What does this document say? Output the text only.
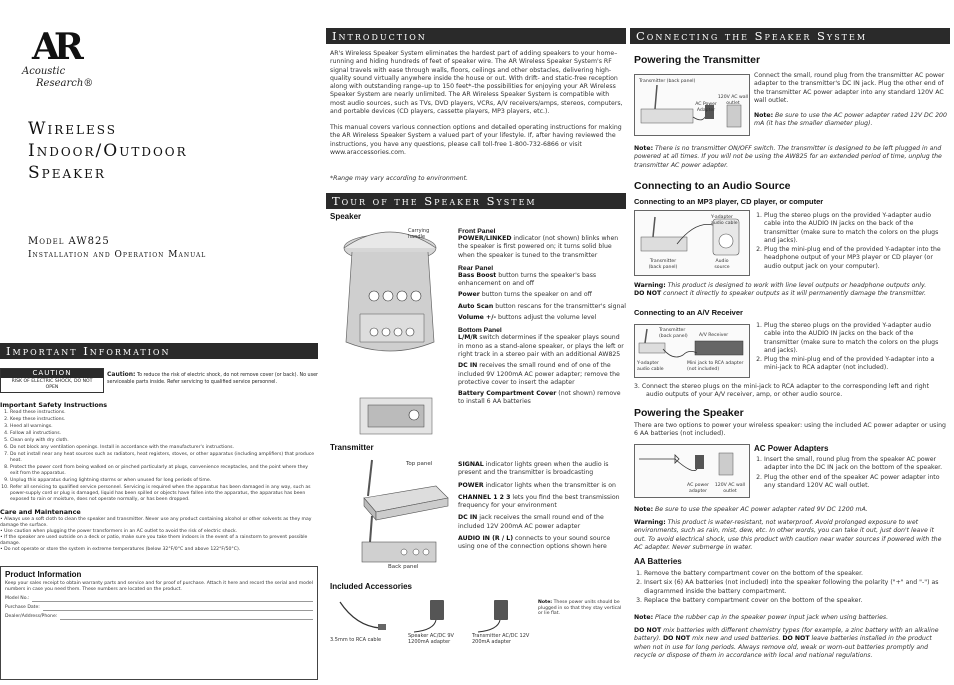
AR
Acoustic
Research®
Wireless
Indoor/Outdoor
Speaker
Model AW825
Installation and Operation Manual
Important Information
CAUTION
RISK OF ELECTRIC SHOCK, DO NOT OPEN
Caution: To reduce the risk of electric shock, do not remove cover (or back). No user serviceable parts inside. Refer servicing to qualified service personnel.
Important Safety Instructions
1. Read these instructions.
2. Keep these instructions.
3. Heed all warnings.
4. Follow all instructions.
5. Clean only with dry cloth.
6. Do not block any ventilation openings. Install in accordance with the manufacturer's instructions.
7. Do not install near any heat sources such as radiators, heat registers, stoves, or other apparatus (including amplifiers) that produce heat.
8. Protect the power cord from being walked on or pinched particularly at plugs, convenience receptacles, and the point where they exit from the apparatus.
9. Unplug this apparatus during lightning storms or when unused for long periods of time.
10. Refer all servicing to qualified service personnel. Servicing is required when the apparatus has been damaged in any way, such as power-supply cord or plug is damaged, liquid has been spilled or objects have fallen into the apparatus, the apparatus has been exposed to rain or moisture, does not operate normally, or has been dropped.
Care and Maintenance
• Always use a soft cloth to clean the speaker and transmitter. Never use any product containing alcohol or other solvents as they may damage the surface.
• Use caution when plugging the power transformers in an AC outlet to avoid the risk of electric shock.
• If the speaker are used outside on a deck or patio, make sure you take them indoors in the event of a rainstorm to prevent possible damage.
• Do not operate or store the system in extreme temperatures (below 32°F/0°C and above 122°F/50°C).
Product Information
Keep your sales receipt to obtain warranty parts and service and for proof of purchase. Attach it here and record the serial and model numbers in case you need them. These numbers are located on the product.
Model No.:
Purchase Date:
Dealer/Address/Phone:
Introduction
AR's Wireless Speaker System eliminates the hardest part of adding speakers to your home–running and hiding hundreds of feet of speaker wire. The AR Wireless Speaker System's RF signal travels with ease through walls, floors, ceilings and other obstacles, delivering high-quality sound virtually anywhere inside the house or out. With drift- and static-free reception along with outstanding range–up to 150 feet*–the possibilities for enjoying your AR Wireless Speaker System are nearly unlimited. The AR Wireless Speaker System is compatible with most audio sources, such as TVs, DVD players, VCRs, A/V receivers/amps, stereos, computers, and portable devices (CD players, cassette players, MP3 players, etc.).
This manual covers various connection options and detailed operating instructions for making the AR Wireless Speaker System a valued part of your lifestyle. If, after having reviewed the instructions, you have any questions, please call toll-free 1-800-732-6866 or visit www.araccessories.com.
*Range may vary according to environment.
Tour of the Speaker System
Speaker
Carrying handle
Front Panel
POWER/LINKED indicator (not shown) blinks when the speaker is first powered on; it turns solid blue when the speaker is tuned to the transmitter
Rear Panel
Bass Boost button turns the speaker's bass enhancement on and off
Power button turns the speaker on and off
Auto Scan button rescans for the transmitter's signal
Volume +/- buttons adjust the volume level
Bottom Panel
L/M/R switch determines if the speaker plays sound in mono as a stand-alone speaker, or plays the left or right track in a stereo pair with an additional AW825
DC IN receives the small round end of one of the included 9V 1200mA AC power adapter; remove the protective cover to insert the adapter
Battery Compartment Cover (not shown) remove to install 6 AA batteries
Transmitter
Top panel
Back panel
SIGNAL indicator lights green when the audio is present and the transmitter is broadcasting
POWER indicator lights when the transmitter is on
CHANNEL 1 2 3 lets you find the best transmission frequency for your environment
DC IN jack receives the small round end of the included 12V 200mA AC power adapter
AUDIO IN (R / L) connects to your sound source using one of the connection options shown here
Included Accessories
3.5mm to RCA cable
Speaker AC/DC 9V 1200mA adapter
Transmitter AC/DC 12V 200mA adapter
Note: These power units should be plugged in so that they stay vertical or lie flat.
Connecting the Speaker System
Powering the Transmitter
Transmitter (back panel)
AC Power Adapter
120V AC wall outlet
Connect the small, round plug from the transmitter AC power adapter to the transmitter's DC IN jack. Plug the other end of the transmitter AC power adapter into any standard 120V AC wall outlet.
Note: Be sure to use the AC power adapter rated 12V DC 200 mA (it has the smaller diameter plug).
Note: There is no transmitter ON/OFF switch. The transmitter is designed to be left plugged in and powered at all times. If you will not be using the AW825 for an extended period of time, unplug the transmitter AC power adapter.
Connecting to an Audio Source
Connecting to an MP3 player, CD player, or computer
Y-adapter audio cable
Transmitter (back panel)
Audio source
1. Plug the stereo plugs on the provided Y-adapter audio cable into the AUDIO IN jacks on the back of the transmitter (make sure to match the colors on the plugs and jacks).
2. Plug the mini-plug end of the provided Y-adapter into the headphone output of your MP3 player or CD player (or audio output jack on your computer).
Warning: This product is designed to work with line level outputs or headphone outputs only.
DO NOT connect it directly to speaker outputs as it will permanently damage the transmitter.
Connecting to an A/V Receiver
Transmitter (back panel) A/V Receiver
Y-adapter audio cable
Mini jack to RCA adapter (not included)
1. Plug the stereo plugs on the provided Y-adapter audio cable into the AUDIO IN jacks on the back of the transmitter (make sure to match the colors on the plugs and jacks).
2. Plug the mini-plug end of the provided Y-adapter into a mini-jack to RCA adapter (not included).
3. Connect the stereo plugs on the mini-jack to RCA adapter to the corresponding left and right audio outputs of your A/V receiver, amp, or other audio source.
Powering the Speaker
There are two options to power your wireless speaker: using the included AC power adapter or using 6 AA batteries (not included).
AC power adapter
120V AC wall outlet
AC Power Adapters
1. Insert the small, round plug from the speaker AC power adapter into the DC IN jack on the bottom of the speaker.
2. Plug the other end of the speaker AC power adapter into any standard 120V AC wall outlet.
Note: Be sure to use the speaker AC power adapter rated 9V DC 1200 mA.
Warning: This product is water-resistant, not waterproof. Avoid prolonged exposure to wet environments, such as rain, mist, dew, etc. In other words, you can take it out, just don't leave it out. To avoid electrical shock, use this product with caution near water sources if powered with the AC adapter. Never submerge in water.
AA Batteries
1. Remove the battery compartment cover on the bottom of the speaker.
2. Insert six (6) AA batteries (not included) into the speaker following the polarity ("+" and "-") as diagrammed inside the battery compartment.
3. Replace the battery compartment cover on the bottom of the speaker.
Note: Place the rubber cap in the speaker power input jack when using batteries.
DO NOT mix batteries with different chemistry types (for example, a zinc battery with an alkaline battery). DO NOT mix new and used batteries. DO NOT leave batteries installed in the product when not in use for long periods. Always remove old, weak or worn-out batteries promptly and recycle or dispose of them in accordance with local and national regulations.
